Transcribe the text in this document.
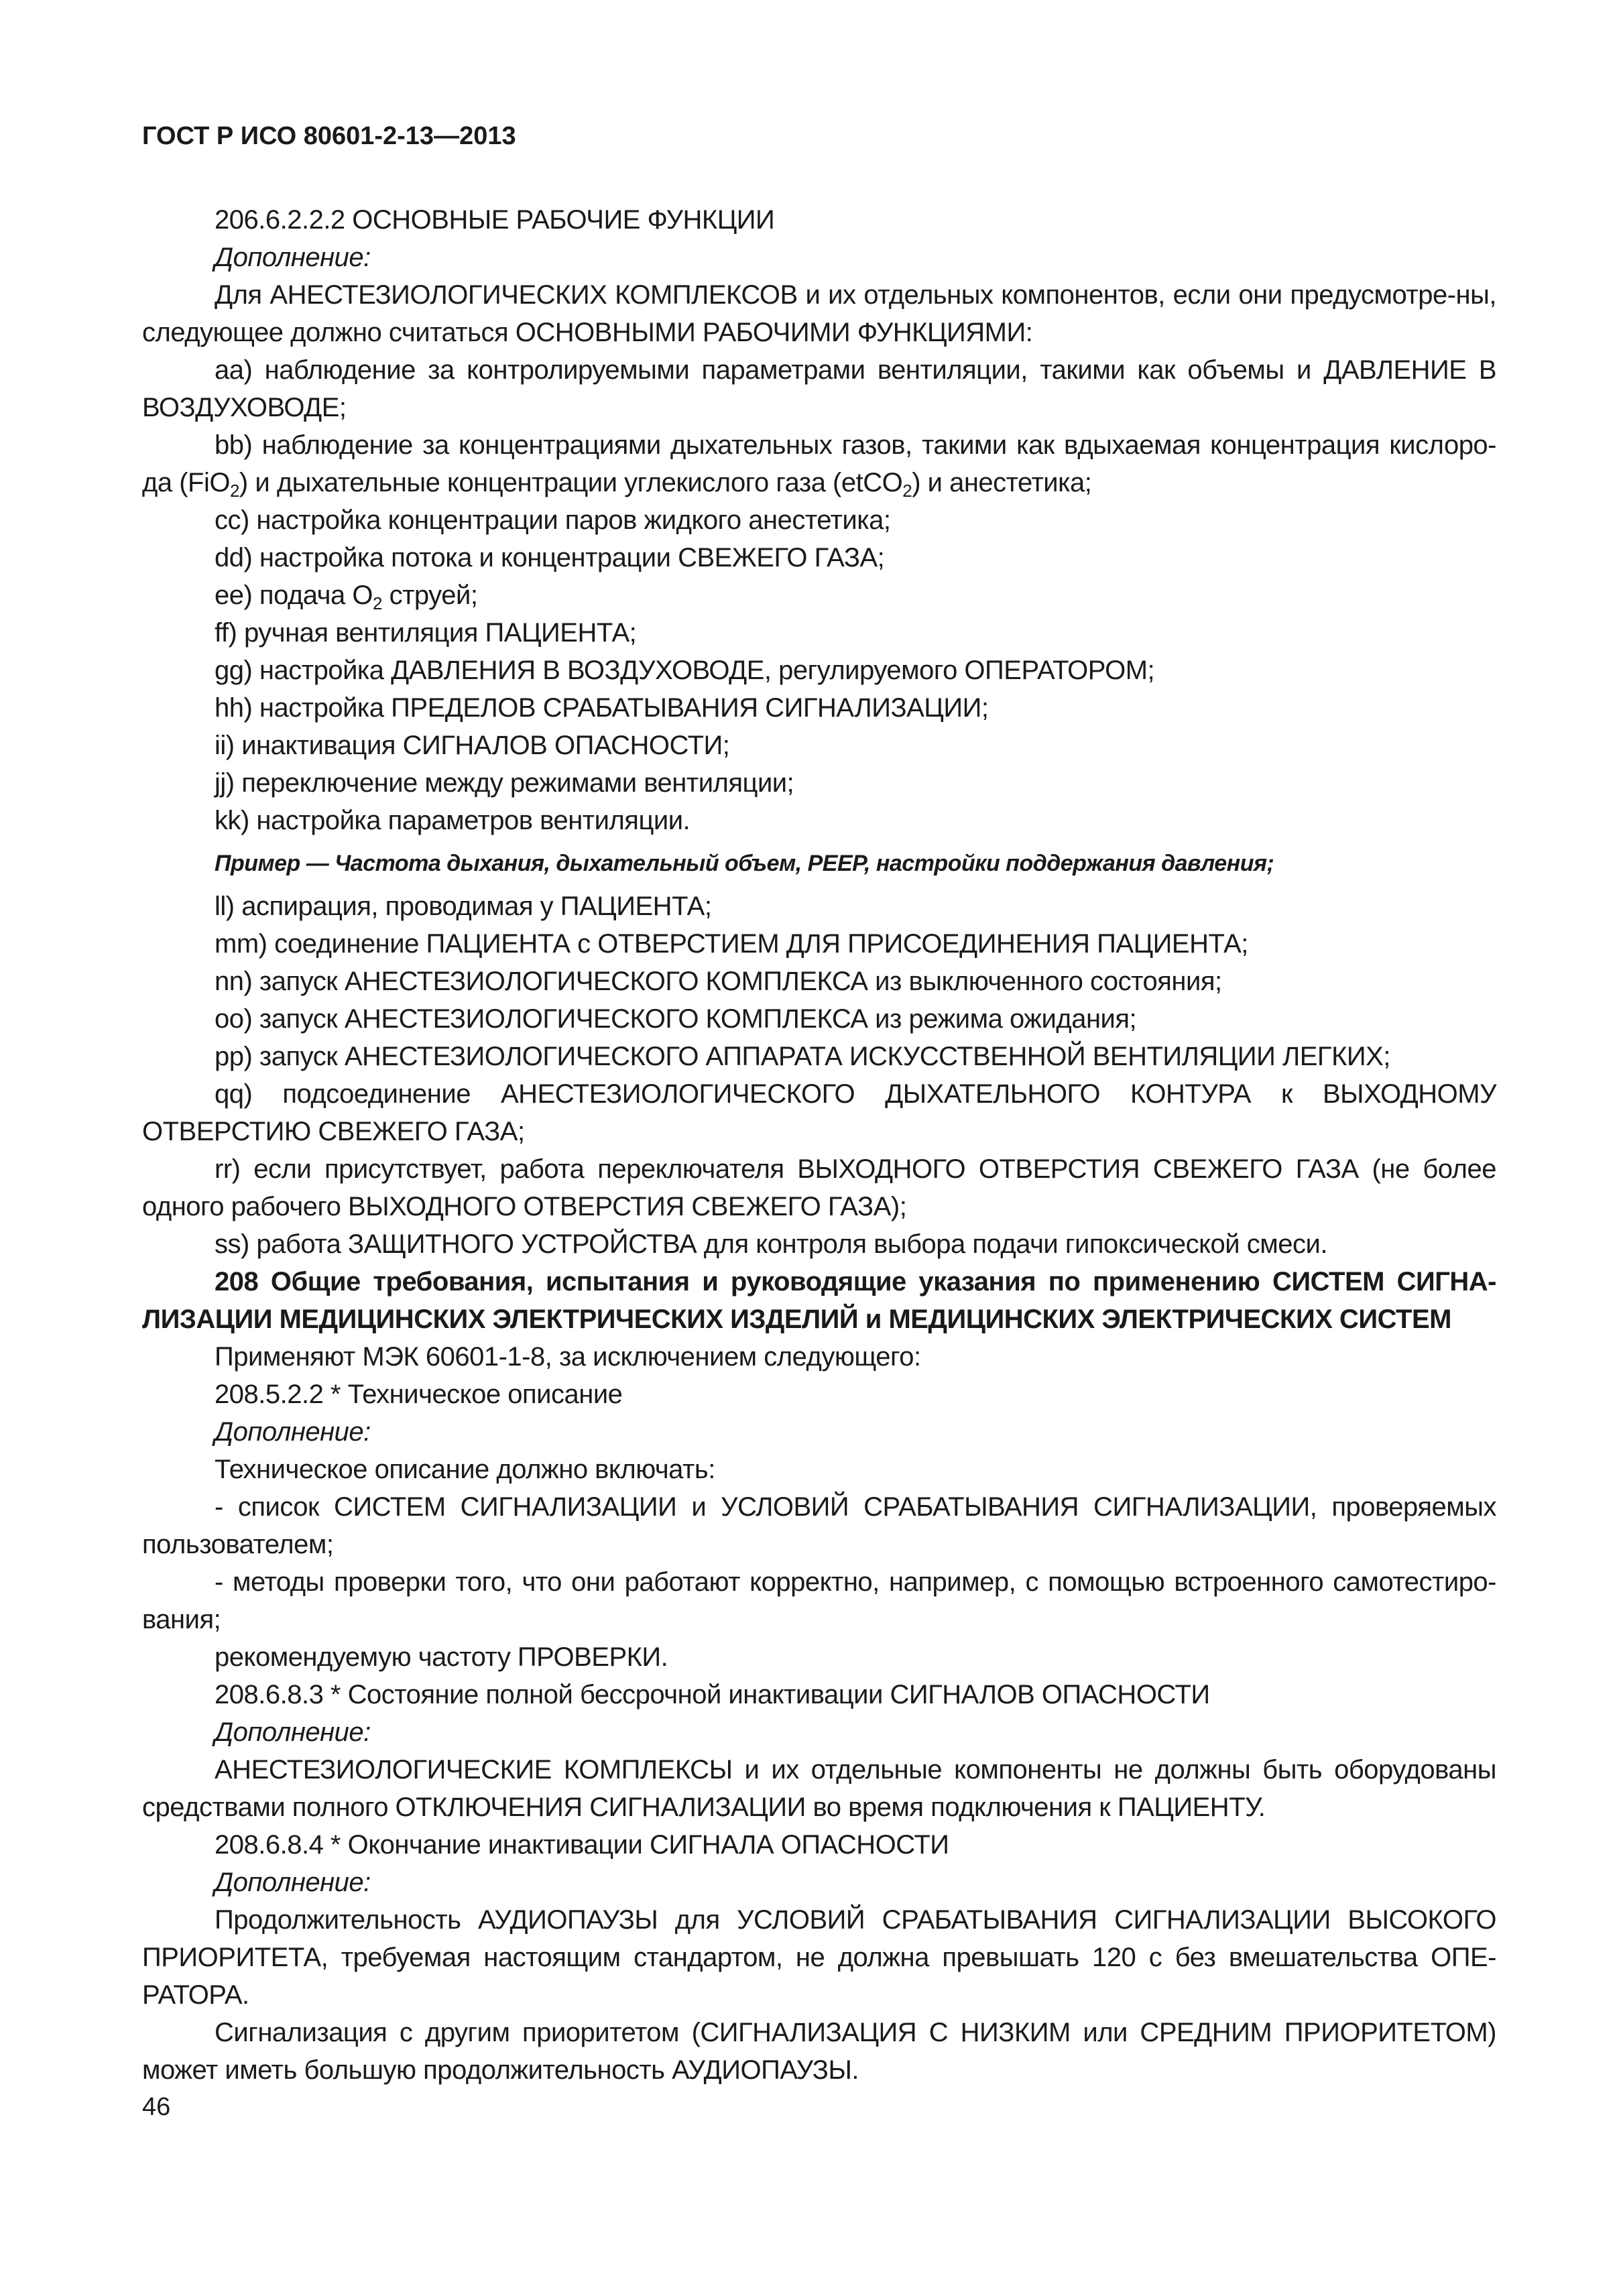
ГОСТ Р ИСО 80601-2-13—2013

206.6.2.2.2 ОСНОВНЫЕ РАБОЧИЕ ФУНКЦИИ

Дополнение:

Для АНЕСТЕЗИОЛОГИЧЕСКИХ КОМПЛЕКСОВ и их отдельных компонентов, если они предусмотре-ны, следующее должно считаться ОСНОВНЫМИ РАБОЧИМИ ФУНКЦИЯМИ:

aa) наблюдение за контролируемыми параметрами вентиляции, такими как объемы и ДАВЛЕНИЕ В ВОЗДУХОВОДЕ;

bb) наблюдение за концентрациями дыхательных газов, такими как вдыхаемая концентрация кислоро-да (FiO$_2$) и дыхательные концентрации углекислого газа (etCO$_2$) и анестетика;

cc) настройка концентрации паров жидкого анестетика;

dd) настройка потока и концентрации СВЕЖЕГО ГАЗА;

ee) подача $O_2$ струей;

ff) ручная вентиляция ПАЦИЕНТА;

gg) настройка ДАВЛЕНИЯ В ВОЗДУХОВОДЕ, регулируемого ОПЕРАТОРОМ;

hh) настройка ПРЕДЕЛОВ СРАБАТЫВАНИЯ СИГНАЛИЗАЦИИ;

ii) инактивация СИГНАЛОВ ОПАСНОСТИ;

jj) переключение между режимами вентиляции;

kk) настройка параметров вентиляции.

Пример — Частота дыхания, дыхательный объем, PEEP, настройки поддержания давления;

ll) аспирация, проводимая у ПАЦИЕНТА;

mm) соединение ПАЦИЕНТА с ОТВЕРСТИЕМ ДЛЯ ПРИСОЕДИНЕНИЯ ПАЦИЕНТА;

nn) запуск АНЕСТЕЗИОЛОГИЧЕСКОГО КОМПЛЕКСА из выключенного состояния;

oo) запуск АНЕСТЕЗИОЛОГИЧЕСКОГО КОМПЛЕКСА из режима ожидания;

pp) запуск АНЕСТЕЗИОЛОГИЧЕСКОГО АППАРАТА ИСКУССТВЕННОЙ ВЕНТИЛЯЦИИ ЛЕГКИХ;

qq) подсоединение АНЕСТЕЗИОЛОГИЧЕСКОГО ДЫХАТЕЛЬНОГО КОНТУРА к ВЫХОДНОМУ ОТВЕРСТИЮ СВЕЖЕГО ГАЗА;

rr) если присутствует, работа переключателя ВЫХОДНОГО ОТВЕРСТИЯ СВЕЖЕГО ГАЗА (не более одного рабочего ВЫХОДНОГО ОТВЕРСТИЯ СВЕЖЕГО ГАЗА);

ss) работа ЗАЩИТНОГО УСТРОЙСТВА для контроля выбора подачи гипоксической смеси.

208 Общие требования, испытания и руководящие указания по применению СИСТЕМ СИГНА-ЛИЗАЦИИ МЕДИЦИНСКИХ ЭЛЕКТРИЧЕСКИХ ИЗДЕЛИЙ и МЕДИЦИНСКИХ ЭЛЕКТРИЧЕСКИХ СИСТЕМ

Применяют МЭК 60601-1-8, за исключением следующего:

208.5.2.2 * Техническое описание

Дополнение:

Техническое описание должно включать:

- список СИСТЕМ СИГНАЛИЗАЦИИ и УСЛОВИЙ СРАБАТЫВАНИЯ СИГНАЛИЗАЦИИ, проверяемых пользователем;

- методы проверки того, что они работают корректно, например, с помощью встроенного самотестиро-вания;

рекомендуемую частоту ПРОВЕРКИ.

208.6.8.3 * Состояние полной бессрочной инактивации СИГНАЛОВ ОПАСНОСТИ

Дополнение:

АНЕСТЕЗИОЛОГИЧЕСКИЕ КОМПЛЕКСЫ и их отдельные компоненты не должны быть оборудованы средствами полного ОТКЛЮЧЕНИЯ СИГНАЛИЗАЦИИ во время подключения к ПАЦИЕНТУ.

208.6.8.4 * Окончание инактивации СИГНАЛА ОПАСНОСТИ

Дополнение:

Продолжительность АУДИОПАУЗЫ для УСЛОВИЙ СРАБАТЫВАНИЯ СИГНАЛИЗАЦИИ ВЫСОКОГО ПРИОРИТЕТА, требуемая настоящим стандартом, не должна превышать 120 с без вмешательства ОПЕ-РАТОРА.

Сигнализация с другим приоритетом (СИГНАЛИЗАЦИЯ С НИЗКИМ или СРЕДНИМ ПРИОРИТЕТОМ) может иметь большую продолжительность АУДИОПАУЗЫ.

46
